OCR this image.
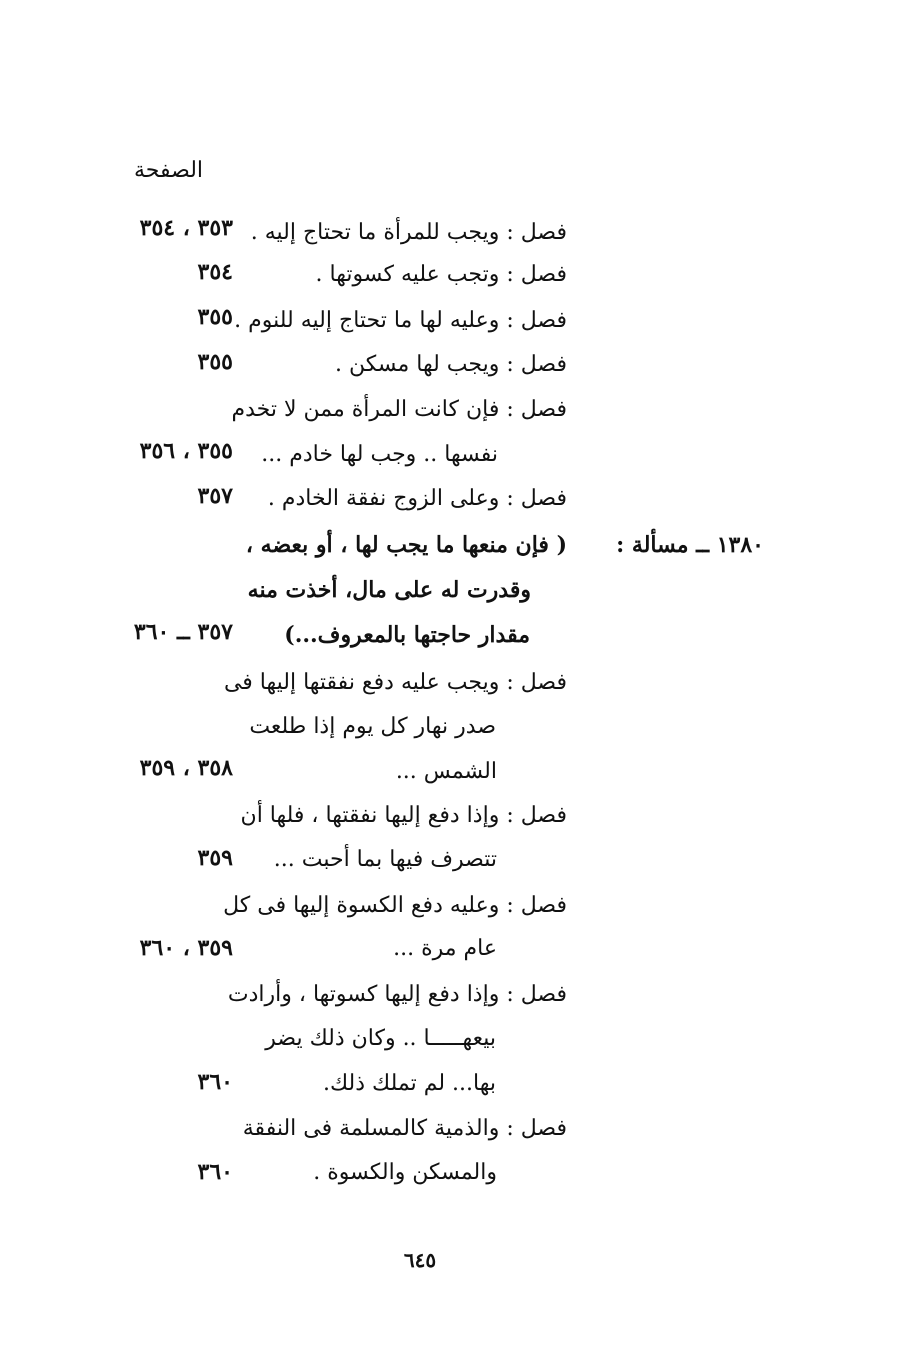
الصفحة
فصل : ويجب للمرأة ما تحتاج إليه .
٣٥٣ ، ٣٥٤
فصل : وتجب عليه كسوتها .
٣٥٤
فصل : وعليه لها ما تحتاج إليه للنوم .
٣٥٥
فصل : ويجب لها مسكن .
٣٥٥
فصل : فإن كانت المرأة ممن لا تخدم
نفسها .. وجب لها خادم ...
٣٥٥ ، ٣٥٦
فصل : وعلى الزوج نفقة الخادم .
٣٥٧
١٣٨٠ ــ مسألة :
( فإن منعها ما يجب لها ، أو بعضه ،
وقدرت له على مال، أخذت منه
مقدار حاجتها بالمعروف...)
٣٥٧ ــ ٣٦٠
فصل : ويجب عليه دفع نفقتها إليها فى
صدر نهار كل يوم إذا طلعت
الشمس ...
٣٥٨ ، ٣٥٩
فصل : وإذا دفع إليها نفقتها ، فلها أن
تتصرف فيها بما أحبت ...
٣٥٩
فصل : وعليه دفع الكسوة إليها فى كل
عام مرة ...
٣٥٩ ، ٣٦٠
فصل : وإذا دفع إليها كسوتها ، وأرادت
بيعهـــــا .. وكان ذلك يضر
بها... لم تملك ذلك.
٣٦٠
فصل : والذمية كالمسلمة فى النفقة
والمسكن والكسوة .
٣٦٠
٦٤٥
